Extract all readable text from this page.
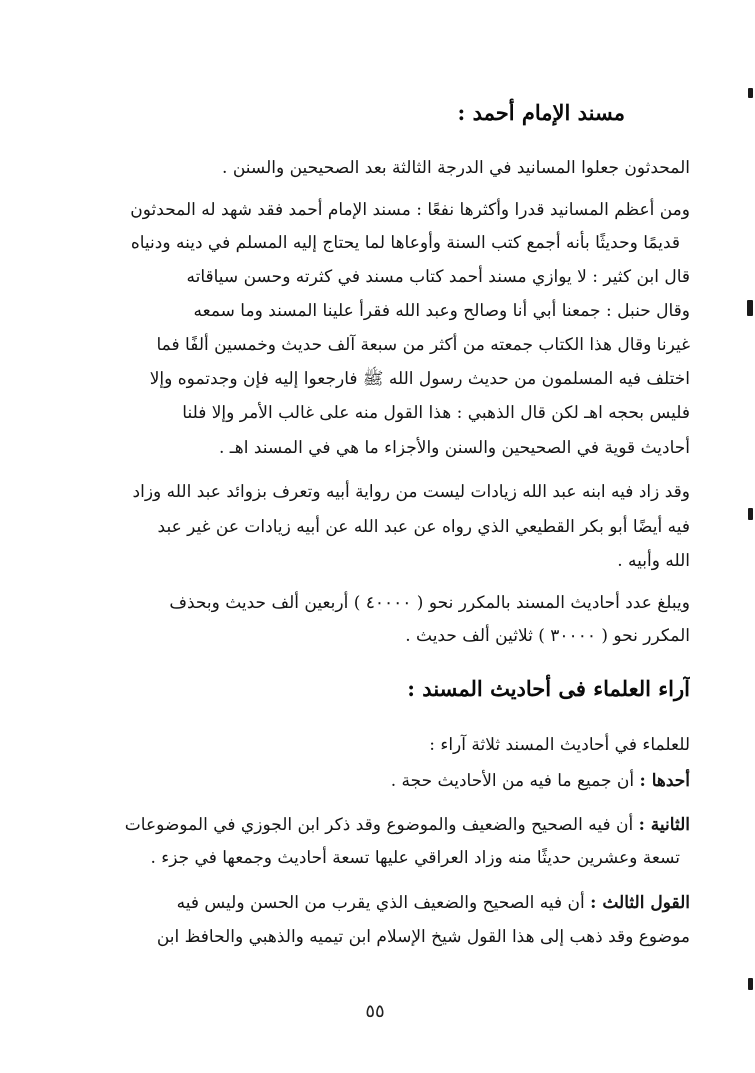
مسند الإمام أحمد :
المحدثون جعلوا المسانيد في الدرجة الثالثة بعد الصحيحين والسنن .
ومن أعظم المسانيد قدرا وأكثرها نفعًا : مسند الإمام أحمد فقد شهد له المحدثون
قديمًا وحديثًا بأنه أجمع كتب السنة وأوعاها لما يحتاج إليه المسلم في دينه ودنياه
قال ابن كثير : لا يوازي مسند أحمد كتاب مسند في كثرته وحسن سياقاته
وقال حنبل : جمعنا أبي أنا وصالح وعبد الله فقرأ علينا المسند وما سمعه
غيرنا وقال هذا الكتاب جمعته من أكثر من سبعة آلف حديث وخمسين ألفًا فما
اختلف فيه المسلمون من حديث رسول الله ﷺ فارجعوا إليه فإن وجدتموه وإلا
فليس بحجه اهـ لكن قال الذهبي : هذا القول منه على غالب الأمر وإلا فلنا
أحاديث قوية في الصحيحين والسنن والأجزاء ما هي في المسند اهـ .
وقد زاد فيه ابنه عبد الله زيادات ليست من رواية أبيه وتعرف بزوائد عبد الله وزاد
فيه أيضًا أبو بكر القطيعي الذي رواه عن عبد الله عن أبيه زيادات عن غير عبد
الله وأبيه .
ويبلغ عدد أحاديث المسند بالمكرر نحو ( ٤٠٠٠٠ ) أربعين ألف حديث وبحذف
المكرر نحو ( ٣٠٠٠٠ ) ثلاثين ألف حديث .
آراء العلماء فى أحاديث المسند :
للعلماء في أحاديث المسند ثلاثة آراء :
أحدها : أن جميع ما فيه من الأحاديث حجة .
الثانية : أن فيه الصحيح والضعيف والموضوع وقد ذكر ابن الجوزي في الموضوعات
تسعة وعشرين حديثًا منه وزاد العراقي عليها تسعة أحاديث وجمعها في جزء .
القول الثالث : أن فيه الصحيح والضعيف الذي يقرب من الحسن وليس فيه
موضوع وقد ذهب إلى هذا القول شيخ الإسلام ابن تيميه والذهبي والحافظ ابن
٥٥
